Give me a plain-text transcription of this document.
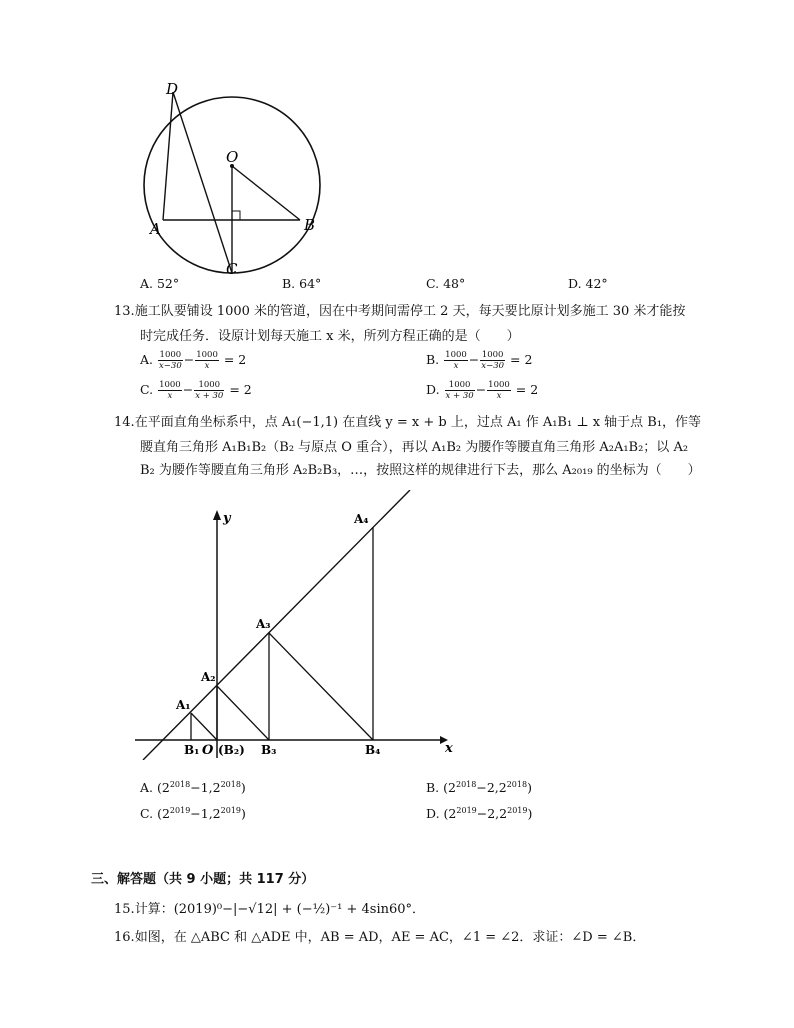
D
O
A	B
C
A. 52°	B. 64°	C. 48°	D. 42°
13.施工队要铺设 1000 米的管道，因在中考期间需停工 2 天，每天要比原计划多施工 30 米才能按
时完成任务．设原计划每天施工 x 米，所列方程正确的是（　　）
A. $\frac{1000}{x-30} - \frac{1000}{x} = 2$	B. $\frac{1000}{x} - \frac{1000}{x-30} = 2$
C. $\frac{1000}{x} - \frac{1000}{x + 30} = 2$	D. $\frac{1000}{x + 30} - \frac{1000}{x} = 2$
14.在平面直角坐标系中，点 A₁(−1,1) 在直线 y = x + b 上，过点 A₁ 作 A₁B₁ ⊥ x 轴于点 B₁，作等
腰直角三角形 A₁B₁B₂（B₂ 与原点 O 重合），再以 A₁B₂ 为腰作等腰直角三角形 A₂A₁B₂；以 A₂
B₂ 为腰作等腰直角三角形 A₂B₂B₃，…，按照这样的规律进行下去，那么 A₂₀₁₉ 的坐标为（　　）
y
x
O (B₂)
B₁	B₃	B₄
A₁
A₂
A₃
A₄
A. $(2^{2018}-1,2^{2018})$	B. $(2^{2018}-2,2^{2018})$
C. $(2^{2019}-1,2^{2019})$	D. $(2^{2019}-2,2^{2019})$
三、解答题（共 9 小题；共 117 分）
15.计算：(2019)⁰−|−√12| + (−½)⁻¹ + 4sin60°．
16.如图，在 △ABC 和 △ADE 中，AB = AD，AE = AC，∠1 = ∠2．求证：∠D = ∠B．
